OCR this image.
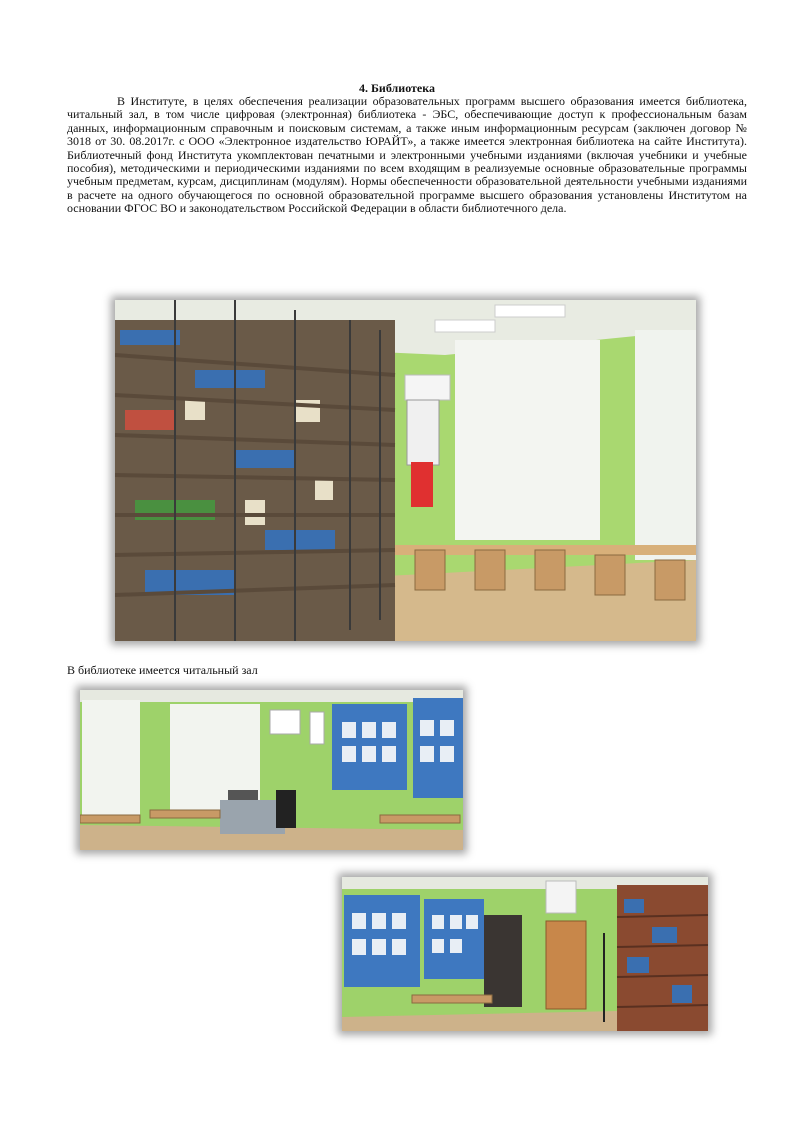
4. Библиотека

В Институте, в целях обеспечения реализации образовательных программ высшего образования имеется библиотека, читальный зал, в том числе цифровая (электронная) библиотека - ЭБС, обеспечивающие доступ к профессиональным базам данных, информационным справочным и поисковым системам, а также иным информационным ресурсам (заключен договор № 3018 от 30. 08.2017г. с ООО «Электронное издательство ЮРАЙТ», а также имеется электронная библиотека на сайте Института). Библиотечный фонд Института укомплектован печатными и электронными учебными изданиями (включая учебники и учебные пособия), методическими и периодическими изданиями по всем входящим в реализуемые основные образовательные программы учебным предметам, курсам, дисциплинам (модулям). Нормы обеспеченности образовательной деятельности учебными изданиями в расчете на одного обучающегося по основной образовательной программе высшего образования установлены Институтом на основании ФГОС ВО и законодательством Российской Федерации в области библиотечного дела.

В библиотеке имеется читальный зал
